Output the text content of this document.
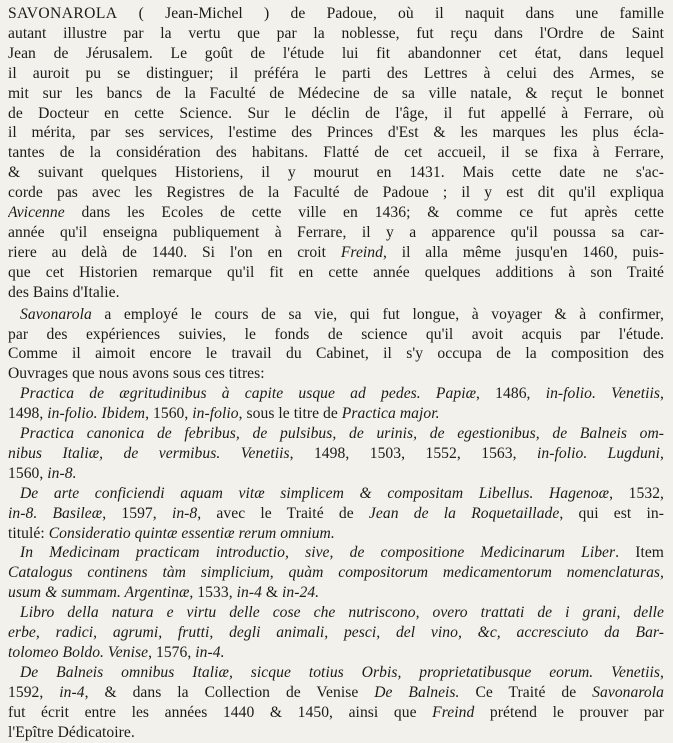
SAVONAROLA ( Jean-Michel ) de Padoue, où il naquit dans une famille

autant illustre par la vertu que par la noblesse, fut reçu dans l'Ordre de Saint

Jean de Jérusalem. Le goût de l'étude lui fit abandonner cet état, dans lequel

il auroit pu se distinguer; il préféra le parti des Lettres à celui des Armes, se

mit sur les bancs de la Faculté de Médecine de sa ville natale, & reçut le bonnet

de Docteur en cette Science. Sur le déclin de l'âge, il fut appellé à Ferrare, où

il mérita, par ses services, l'estime des Princes d'Est & les marques les plus écla-

tantes de la considération des habitans. Flatté de cet accueil, il se fixa à Ferrare,

& suivant quelques Historiens, il y mourut en 1431. Mais cette date ne s'ac-

corde pas avec les Registres de la Faculté de Padoue ; il y est dit qu'il expliqua

Avicenne dans les Ecoles de cette ville en 1436; & comme ce fut après cette

année qu'il enseigna publiquement à Ferrare, il y a apparence qu'il poussa sa car-

riere au delà de 1440. Si l'on en croit Freind, il alla même jusqu'en 1460, puis-

que cet Historien remarque qu'il fit en cette année quelques additions à son Traité

des Bains d'Italie.

Savonarola a employé le cours de sa vie, qui fut longue, à voyager & à confirmer,

par des expériences suivies, le fonds de science qu'il avoit acquis par l'étude.

Comme il aimoit encore le travail du Cabinet, il s'y occupa de la composition des

Ouvrages que nous avons sous ces titres:

Practica de ægritudinibus à capite usque ad pedes. Papiæ, 1486, in-folio. Venetiis,

1498, in-folio. Ibidem, 1560, in-folio, sous le titre de Practica major.

Practica canonica de febribus, de pulsibus, de urinis, de egestionibus, de Balneis om-

nibus Italiæ, de vermibus. Venetiis, 1498, 1503, 1552, 1563, in-folio. Lugduni,

1560, in-8.

De arte conficiendi aquam vitæ simplicem & compositam Libellus. Hagenoæ, 1532,

in-8. Basileæ, 1597, in-8, avec le Traité de Jean de la Roquetaillade, qui est in-

titulé: Consideratio quintæ essentiæ rerum omnium.

In Medicinam practicam introductio, sive, de compositione Medicinarum Liber. Item

Catalogus continens tàm simplicium, quàm compositorum medicamentorum nomenclaturas,

usum & summam. Argentinæ, 1533, in-4 & in-24.

Libro della natura e virtu delle cose che nutriscono, overo trattati de i grani, delle

erbe, radici, agrumi, frutti, degli animali, pesci, del vino, &c, accresciuto da Bar-

tolomeo Boldo. Venise, 1576, in-4.

De Balneis omnibus Italiæ, sicque totius Orbis, proprietatibusque eorum. Venetiis,

1592, in-4, & dans la Collection de Venise De Balneis. Ce Traité de Savonarola

fut écrit entre les années 1440 & 1450, ainsi que Freind prétend le prouver par

l'Epître Dédicatoire.
